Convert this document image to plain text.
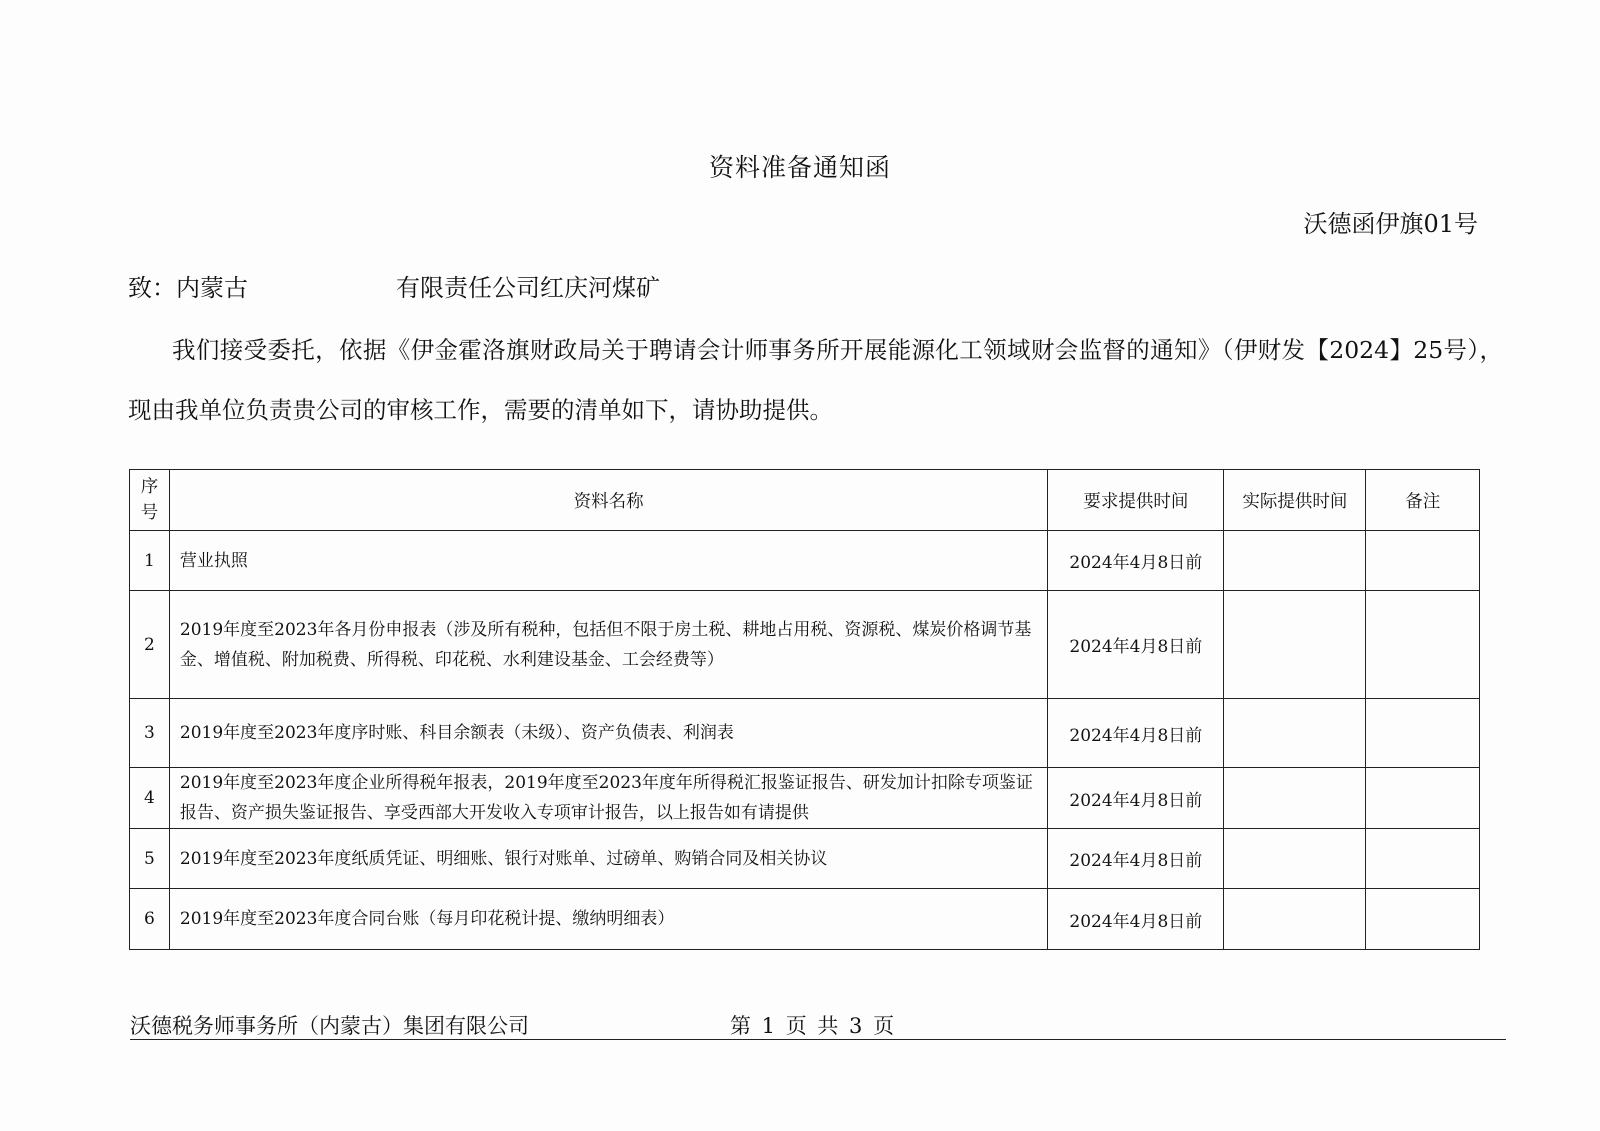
资料准备通知函
沃德函伊旗01号
致：内蒙古	有限责任公司红庆河煤矿
我们接受委托，依据《伊金霍洛旗财政局关于聘请会计师事务所开展能源化工领域财会监督的通知》（伊财发【2024】25号），现由我单位负责贵公司的审核工作，需要的清单如下，请协助提供。
序号	资料名称	要求提供时间	实际提供时间	备注
1	营业执照	2024年4月8日前		
2	2019年度至2023年各月份申报表（涉及所有税种，包括但不限于房土税、耕地占用税、资源税、煤炭价格调节基金、增值税、附加税费、所得税、印花税、水利建设基金、工会经费等）	2024年4月8日前		
3	2019年度至2023年度序时账、科目余额表（未级）、资产负债表、利润表	2024年4月8日前		
4	2019年度至2023年度企业所得税年报表，2019年度至2023年度年所得税汇报鉴证报告、研发加计扣除专项鉴证报告、资产损失鉴证报告、享受西部大开发收入专项审计报告，以上报告如有请提供	2024年4月8日前		
5	2019年度至2023年度纸质凭证、明细账、银行对账单、过磅单、购销合同及相关协议	2024年4月8日前		
6	2019年度至2023年度合同台账（每月印花税计提、缴纳明细表）	2024年4月8日前		
沃德税务师事务所（内蒙古）集团有限公司	第 1 页 共 3 页
